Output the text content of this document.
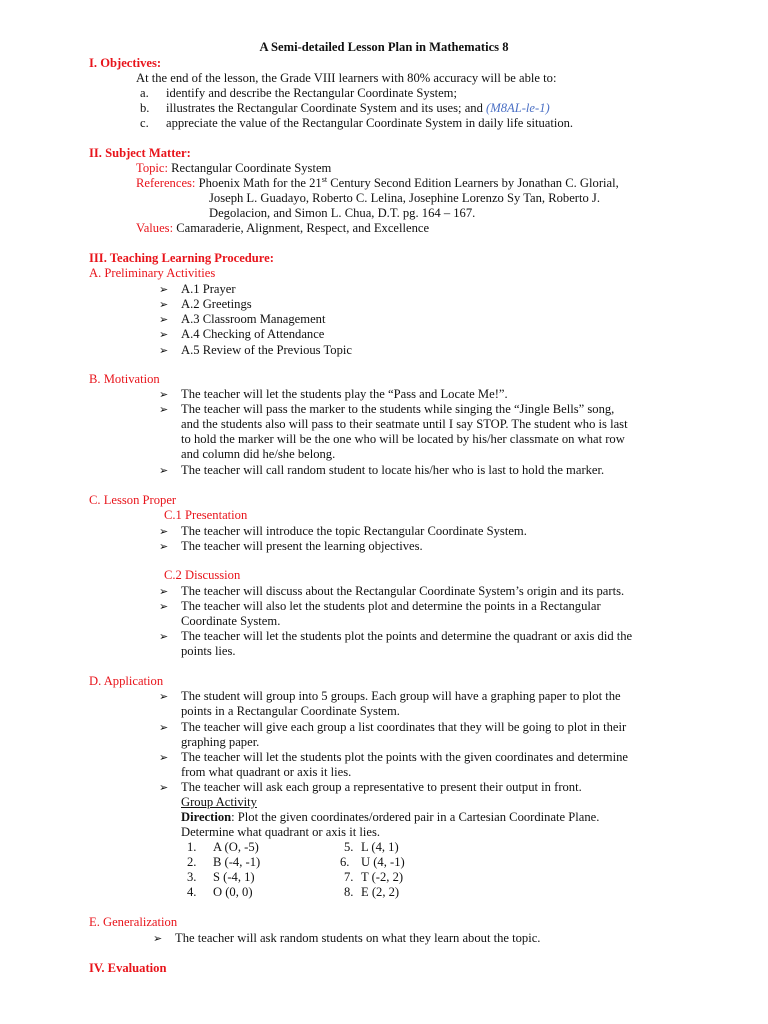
A Semi-detailed Lesson Plan in Mathematics 8
I. Objectives:
At the end of the lesson, the Grade VIII learners with 80% accuracy will be able to:
a. identify and describe the Rectangular Coordinate System;
b. illustrates the Rectangular Coordinate System and its uses; and (M8AL-le-1)
c. appreciate the value of the Rectangular Coordinate System in daily life situation.
II. Subject Matter:
Topic: Rectangular Coordinate System
References: Phoenix Math for the 21st Century Second Edition Learners by Jonathan C. Glorial,
Joseph L. Guadayo, Roberto C. Lelina, Josephine Lorenzo Sy Tan, Roberto J.
Degolacion, and Simon L. Chua, D.T. pg. 164 – 167.
Values: Camaraderie, Alignment, Respect, and Excellence
III. Teaching Learning Procedure:
A. Preliminary Activities
➢ A.1 Prayer
➢ A.2 Greetings
➢ A.3 Classroom Management
➢ A.4 Checking of Attendance
➢ A.5 Review of the Previous Topic
B. Motivation
➢ The teacher will let the students play the “Pass and Locate Me!”.
➢ The teacher will pass the marker to the students while singing the “Jingle Bells” song,
and the students also will pass to their seatmate until I say STOP. The student who is last
to hold the marker will be the one who will be located by his/her classmate on what row
and column did he/she belong.
➢ The teacher will call random student to locate his/her who is last to hold the marker.
C. Lesson Proper
C.1 Presentation
➢ The teacher will introduce the topic Rectangular Coordinate System.
➢ The teacher will present the learning objectives.
C.2 Discussion
➢ The teacher will discuss about the Rectangular Coordinate System’s origin and its parts.
➢ The teacher will also let the students plot and determine the points in a Rectangular
Coordinate System.
➢ The teacher will let the students plot the points and determine the quadrant or axis did the
points lies.
D. Application
➢ The student will group into 5 groups. Each group will have a graphing paper to plot the
points in a Rectangular Coordinate System.
➢ The teacher will give each group a list coordinates that they will be going to plot in their
graphing paper.
➢ The teacher will let the students plot the points with the given coordinates and determine
from what quadrant or axis it lies.
➢ The teacher will ask each group a representative to present their output in front.
Group Activity
Direction: Plot the given coordinates/ordered pair in a Cartesian Coordinate Plane.
Determine what quadrant or axis it lies.
1. A (O, -5)
2. B (-4, -1)
3. S (-4, 1)
4. O (0, 0)
5. L (4, 1)
6. U (4, -1)
7. T (-2, 2)
8. E (2, 2)
E. Generalization
➢ The teacher will ask random students on what they learn about the topic.
IV. Evaluation
